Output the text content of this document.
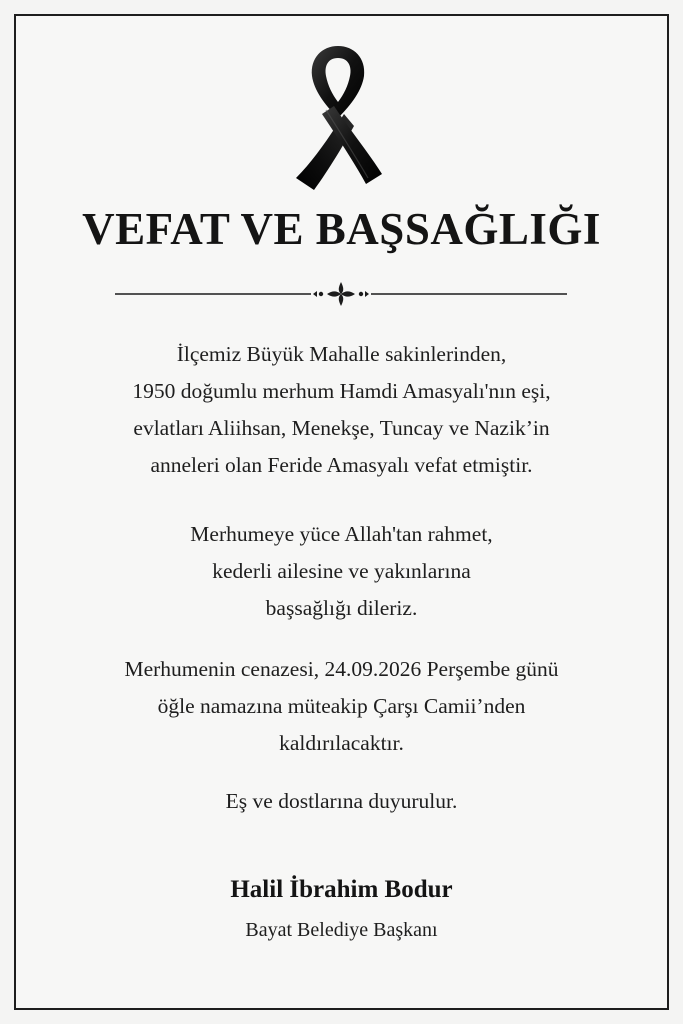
VEFAT VE BAŞSAĞLIĞI
İlçemiz Büyük Mahalle sakinlerinden,
1950 doğumlu merhum Hamdi Amasyalı'nın eşi,
evlatları Aliihsan, Menekşe, Tuncay ve Nazik’in
anneleri olan Feride Amasyalı vefat etmiştir.
Merhumeye yüce Allah'tan rahmet,
kederli ailesine ve yakınlarına
başsağlığı dileriz.
Merhumenin cenazesi, 24.09.2026 Perşembe günü
öğle namazına müteakip Çarşı Camii’nden
kaldırılacaktır.
Eş ve dostlarına duyurulur.
Halil İbrahim Bodur
Bayat Belediye Başkanı
